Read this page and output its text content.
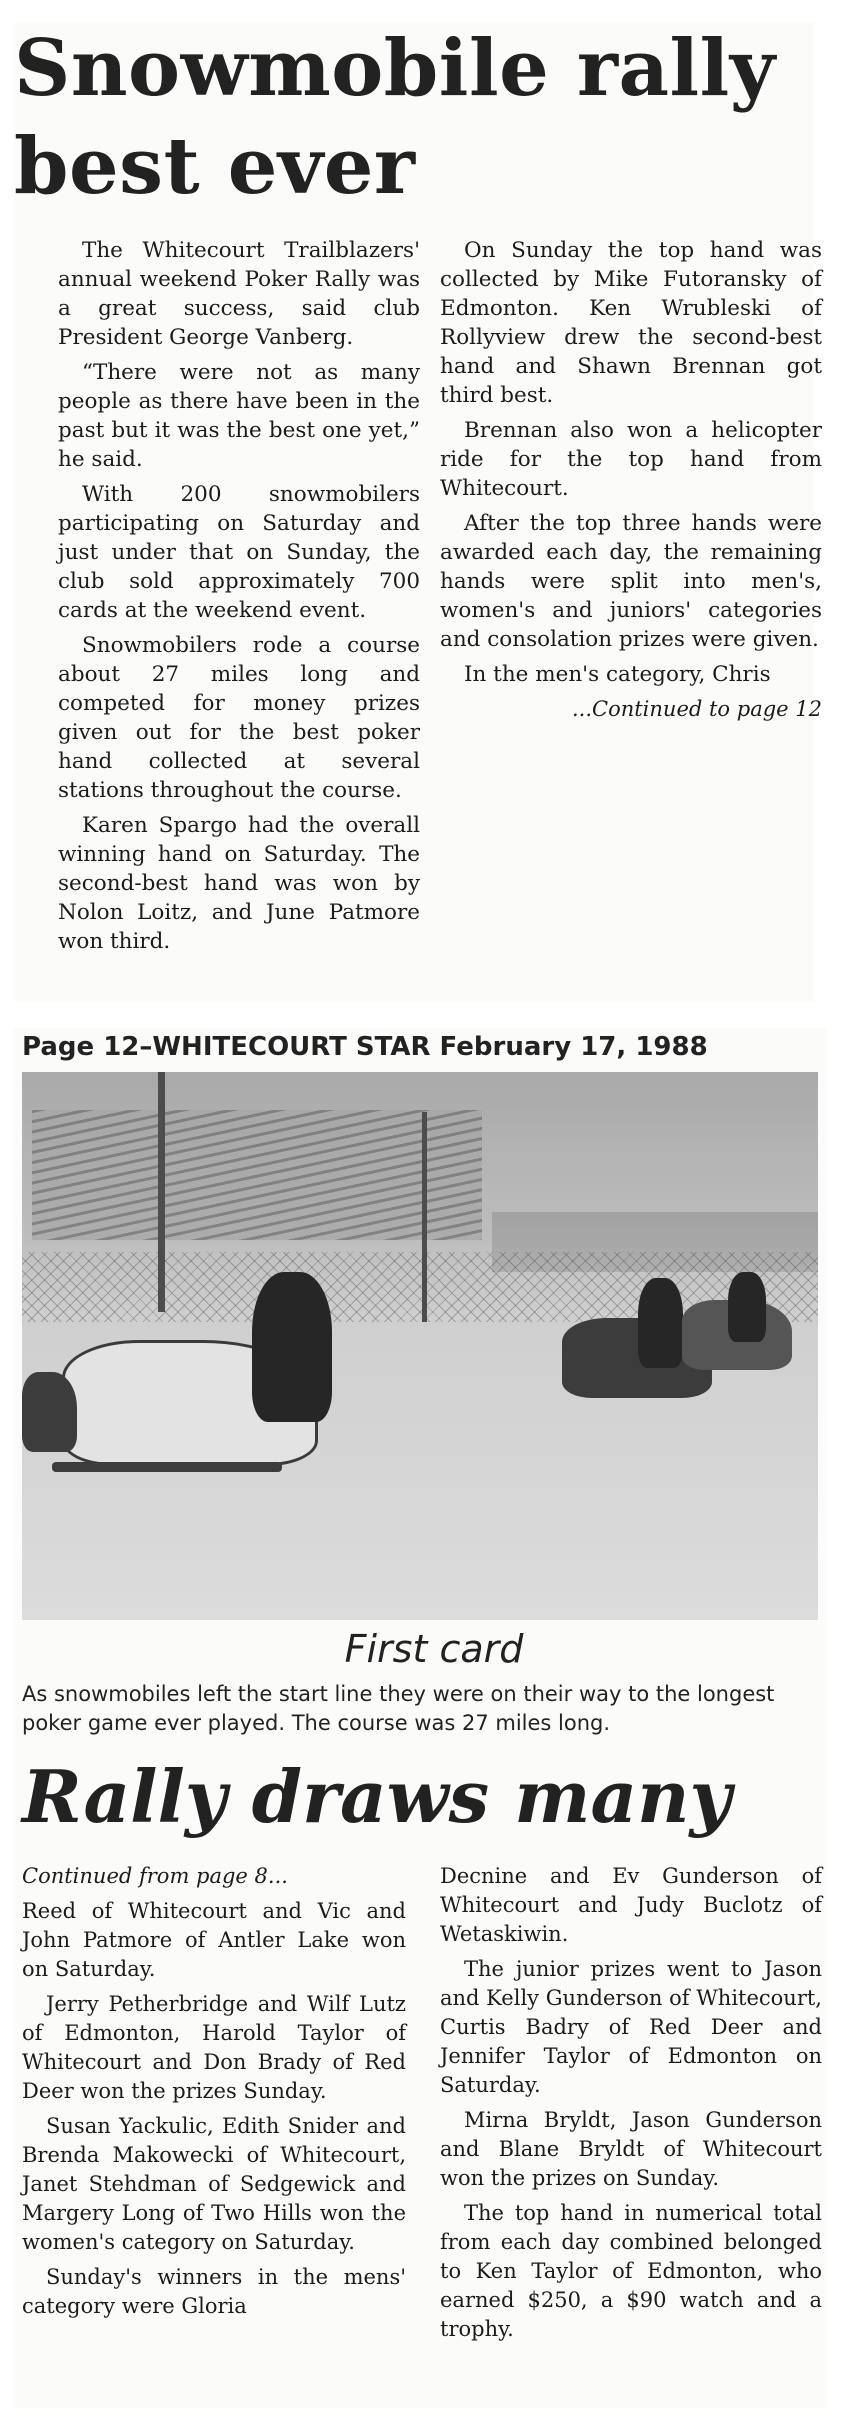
Snowmobile rally
best ever

The Whitecourt Trailblazers' annual weekend Poker Rally was a great success, said club President George Vanberg.

“There were not as many people as there have been in the past but it was the best one yet,” he said.

With 200 snowmobilers participating on Saturday and just under that on Sunday, the club sold approximately 700 cards at the weekend event.

Snowmobilers rode a course about 27 miles long and competed for money prizes given out for the best poker hand collected at several stations throughout the course.

Karen Spargo had the overall winning hand on Saturday. The second-best hand was won by Nolon Loitz, and June Patmore won third.

On Sunday the top hand was collected by Mike Futoransky of Edmonton. Ken Wrubleski of Rollyview drew the second-best hand and Shawn Brennan got third best.

Brennan also won a helicopter ride for the top hand from Whitecourt.

After the top three hands were awarded each day, the remaining hands were split into men's, women's and juniors' categories and consolation prizes were given.

In the men's category, Chris

...Continued to page 12
Page 12–WHITECOURT STAR February 17, 1988
First card

As snowmobiles left the start line they were on their way to the longest poker game ever played. The course was 27 miles long.

Rally draws many

Continued from page 8...

Reed of Whitecourt and Vic and John Patmore of Antler Lake won on Saturday.

Jerry Petherbridge and Wilf Lutz of Edmonton, Harold Taylor of Whitecourt and Don Brady of Red Deer won the prizes Sunday.

Susan Yackulic, Edith Snider and Brenda Makowecki of Whitecourt, Janet Stehdman of Sedgewick and Margery Long of Two Hills won the women's category on Saturday.

Sunday's winners in the mens' category were Gloria

Decnine and Ev Gunderson of Whitecourt and Judy Buclotz of Wetaskiwin.

The junior prizes went to Jason and Kelly Gunderson of Whitecourt, Curtis Badry of Red Deer and Jennifer Taylor of Edmonton on Saturday.

Mirna Bryldt, Jason Gunderson and Blane Bryldt of Whitecourt won the prizes on Sunday.

The top hand in numerical total from each day combined belonged to Ken Taylor of Edmonton, who earned $250, a $90 watch and a trophy.
